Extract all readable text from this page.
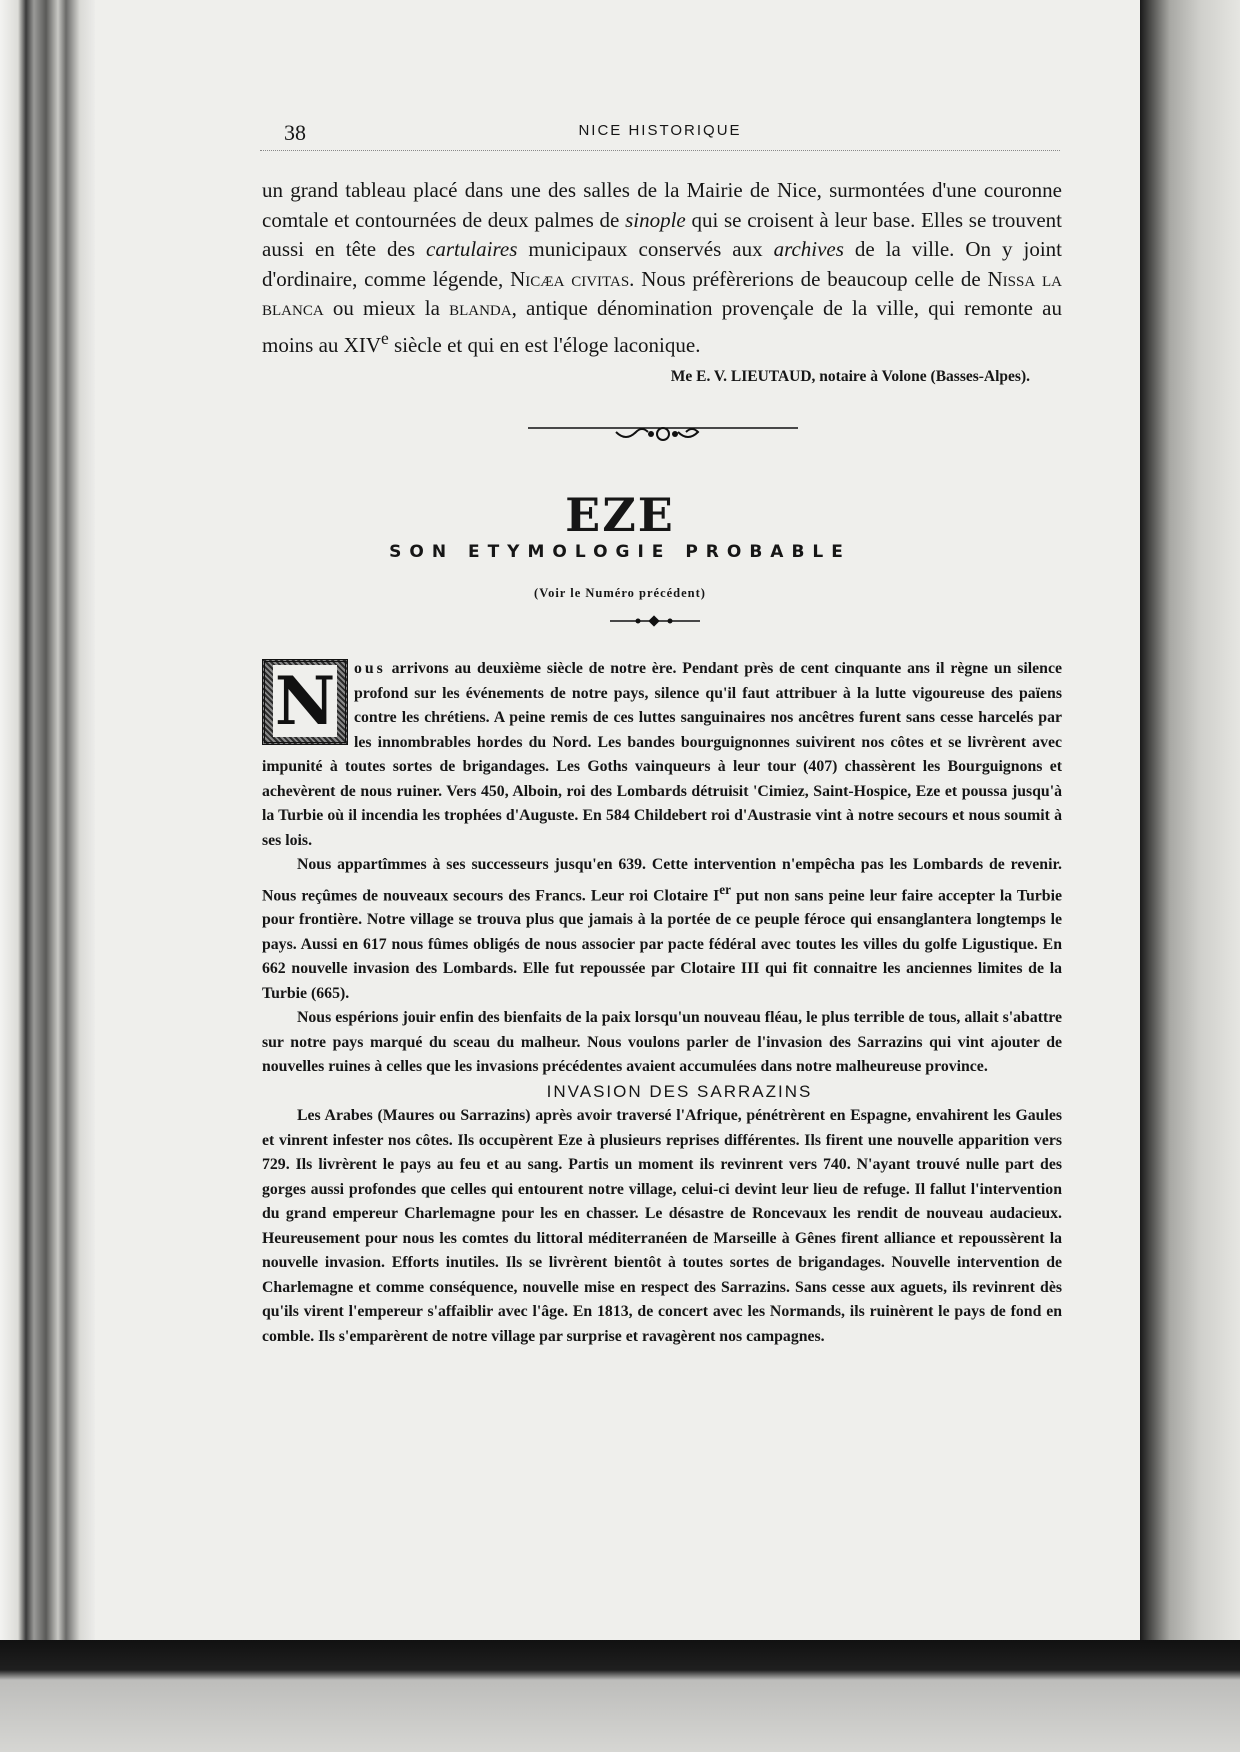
38	NICE HISTORIQUE

un grand tableau placé dans une des salles de la Mairie de Nice, surmontées d'une couronne comtale et contournées de deux palmes de sinople qui se croisent à leur base. Elles se trouvent aussi en tête des cartulaires municipaux conservés aux archives de la ville. On y joint d'ordinaire, comme légende, Nicæa civitas. Nous préfèrerions de beaucoup celle de Nissa la blanca ou mieux la blanda, antique dénomination provençale de la ville, qui remonte au moins au XIVe siècle et qui en est l'éloge laconique.

Me E. V. LIEUTAUD, notaire à Volone (Basses-Alpes).
EZE
SON ETYMOLOGIE PROBABLE
(Voir le Numéro précédent)

N ous arrivons au deuxième siècle de notre ère. Pendant près de cent cinquante ans il règne un silence profond sur les événements de notre pays, silence qu'il faut attribuer à la lutte vigoureuse des païens contre les chrétiens. A peine remis de ces luttes sanguinaires nos ancêtres furent sans cesse harcelés par les innombrables hordes du Nord. Les bandes bourguignonnes suivirent nos côtes et se livrèrent avec impunité à toutes sortes de brigandages. Les Goths vainqueurs à leur tour (407) chassèrent les Bourguignons et achevèrent de nous ruiner. Vers 450, Alboin, roi des Lombards détruisit 'Cimiez, Saint-Hospice, Eze et poussa jusqu'à la Turbie où il incendia les trophées d'Auguste. En 584 Childebert roi d'Austrasie vint à notre secours et nous soumit à ses lois.

Nous appartîmmes à ses successeurs jusqu'en 639. Cette intervention n'empêcha pas les Lombards de revenir. Nous reçûmes de nouveaux secours des Francs. Leur roi Clotaire Ier put non sans peine leur faire accepter la Turbie pour frontière. Notre village se trouva plus que jamais à la portée de ce peuple féroce qui ensanglantera longtemps le pays. Aussi en 617 nous fûmes obligés de nous associer par pacte fédéral avec toutes les villes du golfe Ligustique. En 662 nouvelle invasion des Lombards. Elle fut repoussée par Clotaire III qui fit connaitre les anciennes limites de la Turbie (665).

Nous espérions jouir enfin des bienfaits de la paix lorsqu'un nouveau fléau, le plus terrible de tous, allait s'abattre sur notre pays marqué du sceau du malheur. Nous voulons parler de l'invasion des Sarrazins qui vint ajouter de nouvelles ruines à celles que les invasions précédentes avaient accumulées dans notre malheureuse province.

INVASION DES SARRAZINS

Les Arabes (Maures ou Sarrazins) après avoir traversé l'Afrique, pénétrèrent en Espagne, envahirent les Gaules et vinrent infester nos côtes. Ils occupèrent Eze à plusieurs reprises différentes. Ils firent une nouvelle apparition vers 729. Ils livrèrent le pays au feu et au sang. Partis un moment ils revinrent vers 740. N'ayant trouvé nulle part des gorges aussi profondes que celles qui entourent notre village, celui-ci devint leur lieu de refuge. Il fallut l'intervention du grand empereur Charlemagne pour les en chasser. Le désastre de Roncevaux les rendit de nouveau audacieux. Heureusement pour nous les comtes du littoral méditerranéen de Marseille à Gênes firent alliance et repoussèrent la nouvelle invasion. Efforts inutiles. Ils se livrèrent bientôt à toutes sortes de brigandages. Nouvelle intervention de Charlemagne et comme conséquence, nouvelle mise en respect des Sarrazins. Sans cesse aux aguets, ils revinrent dès qu'ils virent l'empereur s'affaiblir avec l'âge. En 1813, de concert avec les Normands, ils ruinèrent le pays de fond en comble. Ils s'emparèrent de notre village par surprise et ravagèrent nos campagnes.
